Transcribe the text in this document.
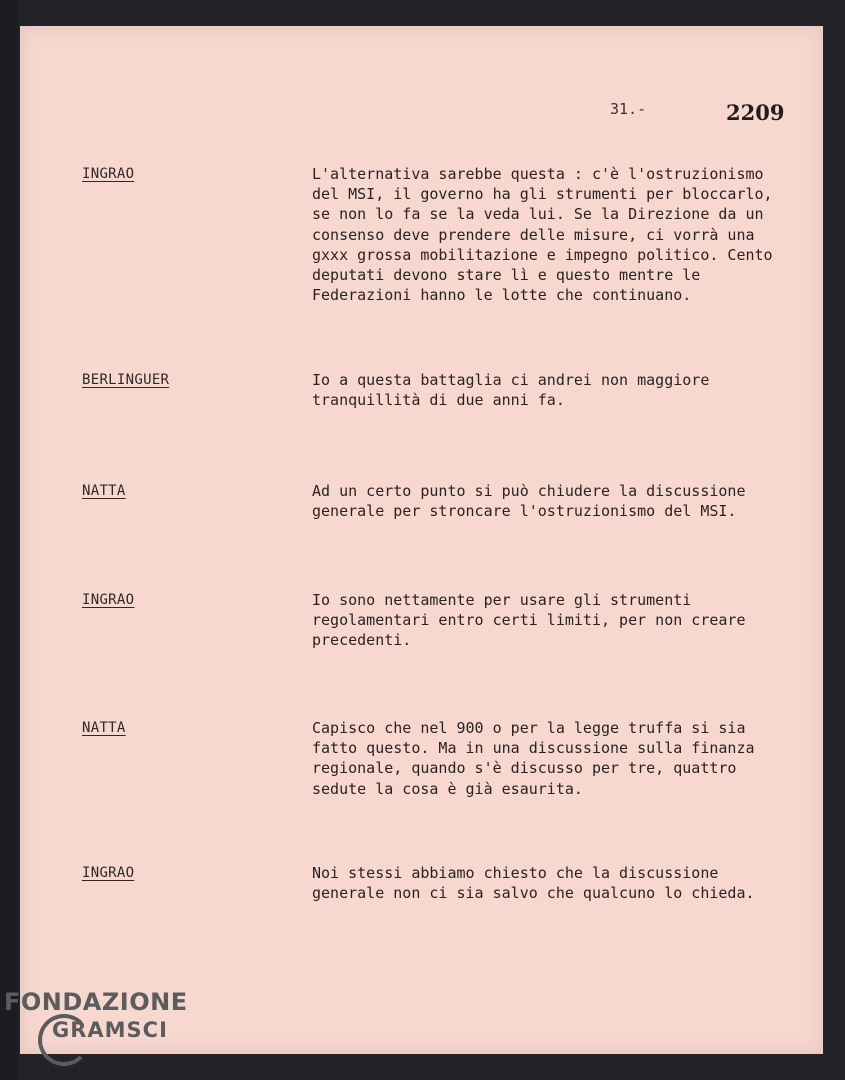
31.-	2209
INGRAO	L'alternativa sarebbe questa : c'è l'ostruzionismo del MSI, il governo ha gli strumenti per bloccarlo, se non lo fa se la veda lui. Se la Direzione da un consenso deve prendere delle misure, ci vorrà una gxxx grossa mobilitazione e impegno politico. Cento deputati devono stare lì e questo mentre le Federazioni hanno le lotte che continuano.
BERLINGUER	Io a questa battaglia ci andrei non maggiore tranquillità di due anni fa.
NATTA	Ad un certo punto si può chiudere la discussione generale per stroncare l'ostruzionismo del MSI.
INGRAO	Io sono nettamente per usare gli strumenti regolamentari entro certi limiti, per non creare precedenti.
NATTA	Capisco che nel 900 o per la legge truffa si sia fatto questo. Ma in una discussione sulla finanza regionale, quando s'è discusso per tre, quattro sedute la cosa è già esaurita.
INGRAO	Noi stessi abbiamo chiesto che la discussione generale non ci sia salvo che qualcuno lo chieda.
FONDAZIONE
GRAMSCI
